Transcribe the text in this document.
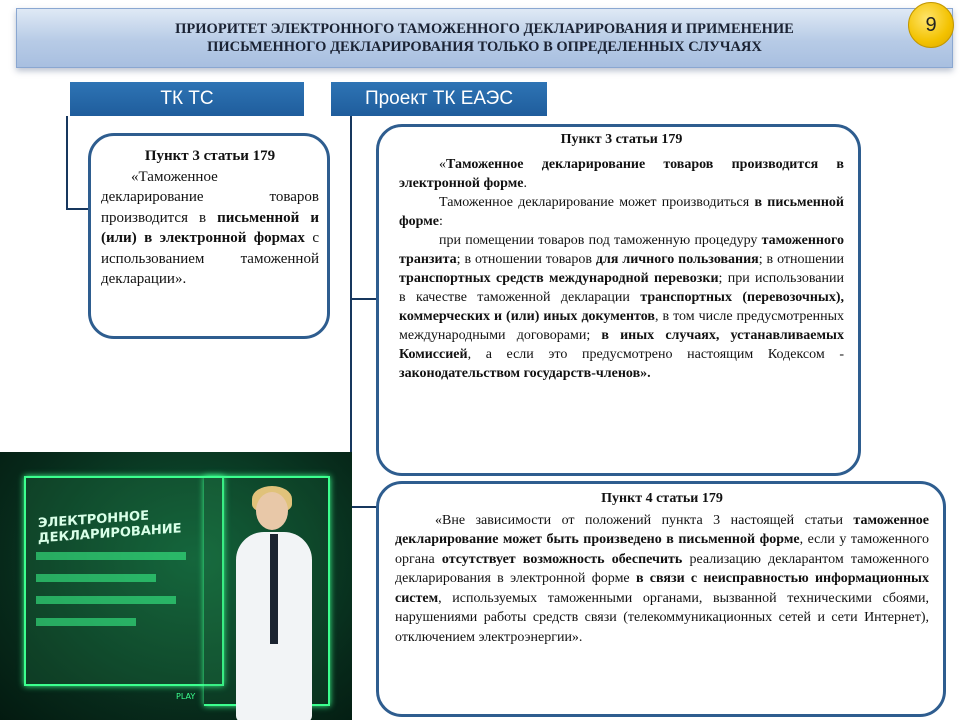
ПРИОРИТЕТ ЭЛЕКТРОННОГО ТАМОЖЕННОГО ДЕКЛАРИРОВАНИЯ И ПРИМЕНЕНИЕ
ПИСЬМЕННОГО ДЕКЛАРИРОВАНИЯ ТОЛЬКО В ОПРЕДЕЛЕННЫХ СЛУЧАЯХ
9
ТК ТС	Проект ТК ЕАЭС
Пункт 3 статьи 179

«Таможенное декларирование товаров производится в письменной и (или) в электронной формах с использованием таможенной декларации».

Пункт 3 статьи 179

«Таможенное декларирование товаров производится в электронной форме.

Таможенное декларирование может производиться в письменной форме:

при помещении товаров под таможенную процедуру таможенного транзита; в отношении товаров для личного пользования; в отношении транспортных средств международной перевозки; при использовании в качестве таможенной декларации транспортных (перевозочных), коммерческих и (или) иных документов, в том числе предусмотренных международными договорами; в иных случаях, устанавливаемых Комиссией, а если это предусмотрено настоящим Кодексом - законодательством государств-членов».

ЭЛЕКТРОННОЕ ДЕКЛАРИРОВАНИЕ
PLAY
Пункт 4 статьи 179

«Вне зависимости от положений пункта 3 настоящей статьи таможенное декларирование может быть произведено в письменной форме, если у таможенного органа отсутствует возможность обеспечить реализацию декларантом таможенного декларирования в электронной форме в связи с неисправностью информационных систем, используемых таможенными органами, вызванной техническими сбоями, нарушениями работы средств связи (телекоммуникационных сетей и сети Интернет), отключением электроэнергии».
